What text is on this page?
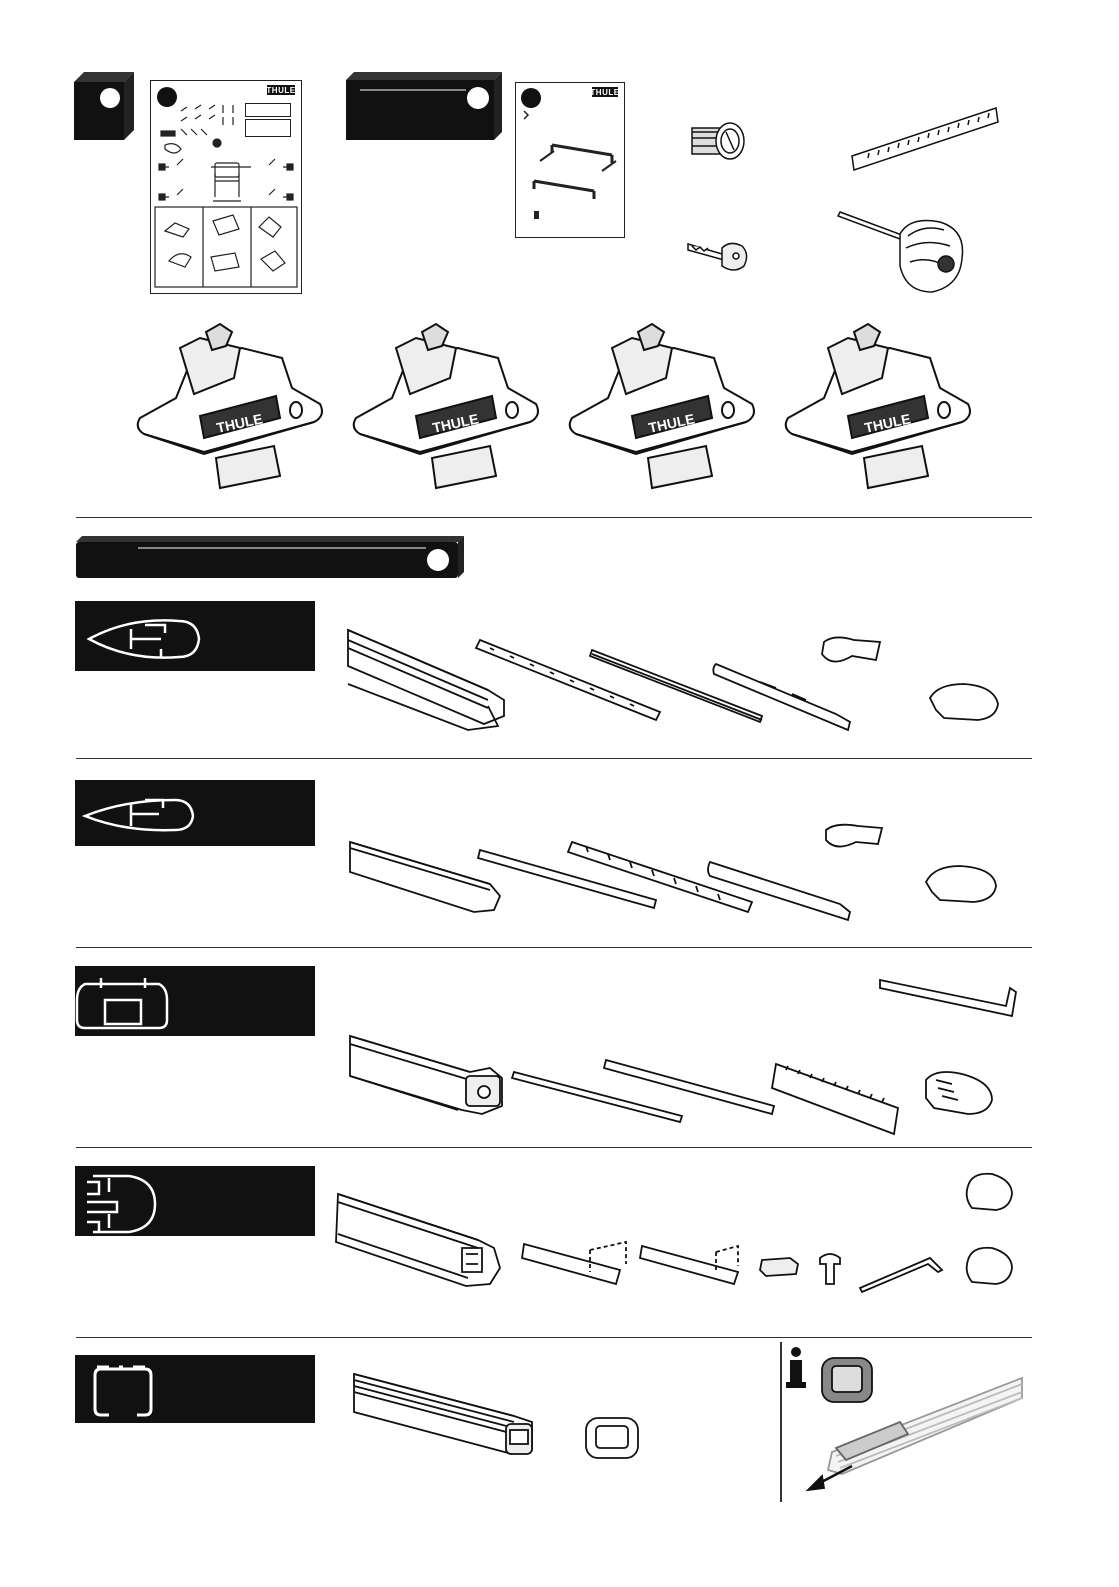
THULE	THULE
